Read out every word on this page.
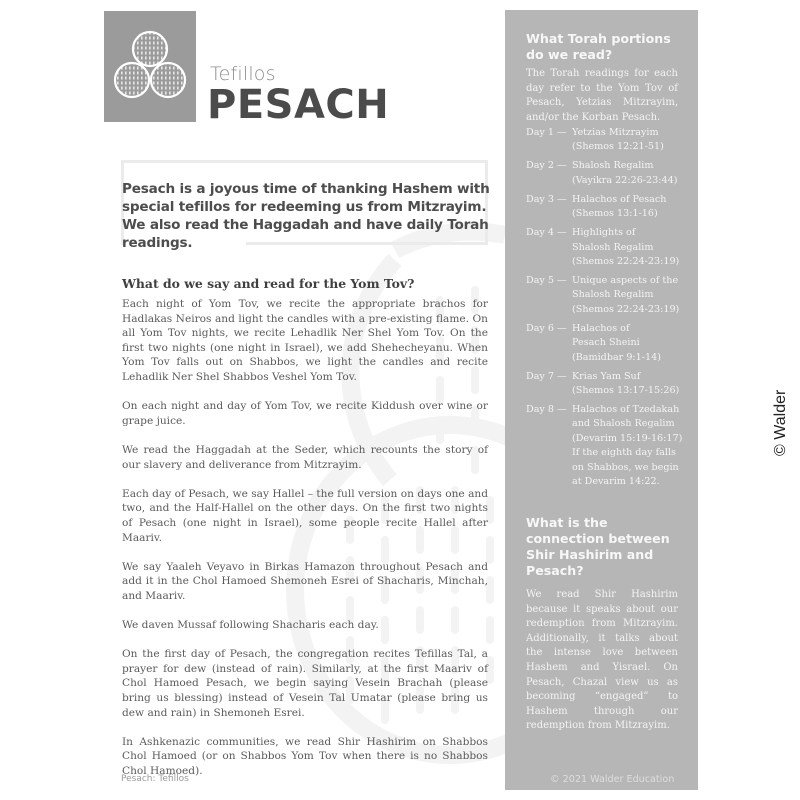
Tefillos
PESACH
Pesach is a joyous time of thanking Hashem with special tefillos for redeeming us from Mitzrayim. We also read the Haggadah and have daily Torah readings.
What do we say and read for the Yom Tov?

Each night of Yom Tov, we recite the appropriate brachos for Hadlakas Neiros and light the candles with a pre-existing flame. On all Yom Tov nights, we recite Lehadlik Ner Shel Yom Tov. On the first two nights (one night in Israel), we add Shehecheyanu. When Yom Tov falls out on Shabbos, we light the candles and recite Lehadlik Ner Shel Shabbos Veshel Yom Tov.

On each night and day of Yom Tov, we recite Kiddush over wine or grape juice.

We read the Haggadah at the Seder, which recounts the story of our slavery and deliverance from Mitzrayim.

Each day of Pesach, we say Hallel – the full version on days one and two, and the Half-Hallel on the other days. On the first two nights of Pesach (one night in Israel), some people recite Hallel after Maariv.

We say Yaaleh Veyavo in Birkas Hamazon throughout Pesach and add it in the Chol Hamoed Shemoneh Esrei of Shacharis, Minchah, and Maariv.

We daven Mussaf following Shacharis each day.

On the first day of Pesach, the congregation recites Tefillas Tal, a prayer for dew (instead of rain). Similarly, at the first Maariv of Chol Hamoed Pesach, we begin saying Vesein Brachah (please bring us blessing) instead of Vesein Tal Umatar (please bring us dew and rain) in Shemoneh Esrei.

In Ashkenazic communities, we read Shir Hashirim on Shabbos Chol Hamoed (or on Shabbos Yom Tov when there is no Shabbos Chol Hamoed).

Pesach: Tefillos
What Torah portions do we read?
The Torah readings for each day refer to the Yom Tov of Pesach, Yetzias Mitzrayim, and/or the Korban Pesach.
Day 1 — Yetzias Mitzrayim
(Shemos 12:21-51)
Day 2 — Shalosh Regalim
(Vayikra 22:26-23:44)
Day 3 — Halachos of Pesach
(Shemos 13:1-16)
Day 4 — Highlights of
Shalosh Regalim
(Shemos 22:24-23:19)
Day 5 — Unique aspects of the
Shalosh Regalim
(Shemos 22:24-23:19)
Day 6 — Halachos of
Pesach Sheini
(Bamidbar 9:1-14)
Day 7 — Krias Yam Suf
(Shemos 13:17-15:26)
Day 8 — Halachos of Tzedakah
and Shalosh Regalim
(Devarim 15:19-16:17)
If the eighth day falls
on Shabbos, we begin
at Devarim 14:22.
What is the connection between Shir Hashirim and Pesach?
We read Shir Hashirim because it speaks about our redemption from Mitzrayim. Additionally, it talks about the intense love between Hashem and Yisrael. On Pesach, Chazal view us as becoming “engaged” to Hashem through our redemption from Mitzrayim.
© 2021 Walder Education
© Walder
